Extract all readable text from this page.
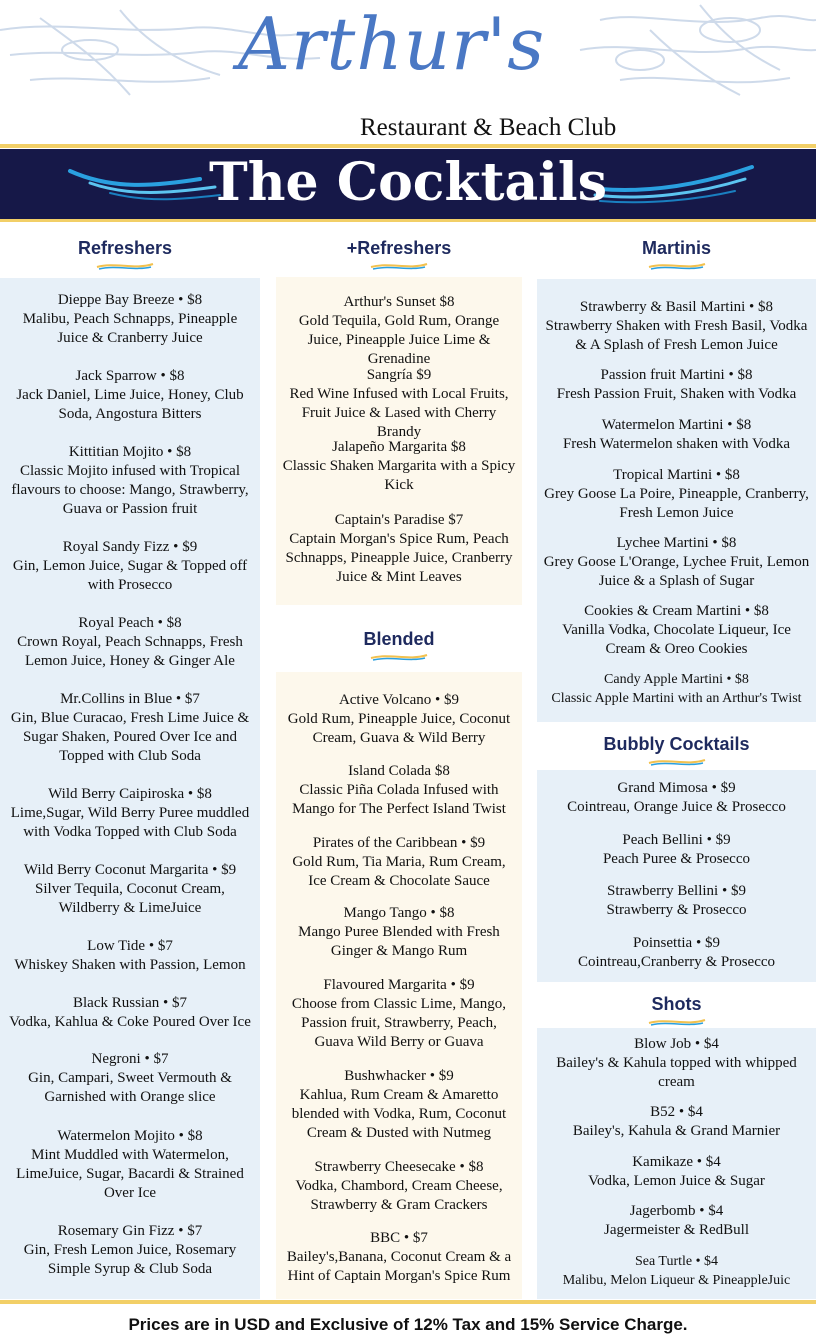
Arthur's
Restaurant & Beach Club
The Cocktails
Refreshers	+Refreshers	Martinis
Dieppe Bay Breeze • $8
Malibu, Peach Schnapps, Pineapple Juice & Cranberry Juice
Jack Sparrow • $8
Jack Daniel, Lime Juice, Honey, Club Soda, Angostura Bitters
Kittitian Mojito • $8
Classic Mojito infused with Tropical flavours to choose: Mango, Strawberry, Guava or Passion fruit
Royal Sandy Fizz • $9
Gin, Lemon Juice, Sugar & Topped off with Prosecco
Royal Peach • $8
Crown Royal, Peach Schnapps, Fresh Lemon Juice, Honey & Ginger Ale
Mr.Collins in Blue • $7
Gin, Blue Curacao, Fresh Lime Juice & Sugar Shaken, Poured Over Ice and Topped with Club Soda
Wild Berry Caipiroska • $8
Lime,Sugar, Wild Berry Puree muddled with Vodka Topped with Club Soda
Wild Berry Coconut Margarita • $9
Silver Tequila, Coconut Cream, Wildberry & LimeJuice
Low Tide • $7
Whiskey Shaken with Passion, Lemon
Black Russian • $7
Vodka, Kahlua & Coke Poured Over Ice
Negroni • $7
Gin, Campari, Sweet Vermouth & Garnished with Orange slice
Watermelon Mojito • $8
Mint Muddled with Watermelon, LimeJuice, Sugar, Bacardi & Strained Over Ice
Rosemary Gin Fizz • $7
Gin, Fresh Lemon Juice, Rosemary Simple Syrup & Club Soda
Arthur's Sunset $8
Gold Tequila, Gold Rum, Orange Juice, Pineapple Juice Lime & Grenadine
Sangría $9
Red Wine Infused with Local Fruits, Fruit Juice & Lased with Cherry Brandy
Jalapeño Margarita $8
Classic Shaken Margarita with a Spicy Kick
Captain's Paradise $7
Captain Morgan's Spice Rum, Peach Schnapps, Pineapple Juice, Cranberry Juice & Mint Leaves
Blended
Active Volcano • $9
Gold Rum, Pineapple Juice, Coconut Cream, Guava & Wild Berry
Island Colada $8
Classic Piña Colada Infused with Mango for The Perfect Island Twist
Pirates of the Caribbean • $9
Gold Rum, Tia Maria, Rum Cream, Ice Cream & Chocolate Sauce
Mango Tango • $8
Mango Puree Blended with Fresh Ginger & Mango Rum
Flavoured Margarita • $9
Choose from Classic Lime, Mango, Passion fruit, Strawberry, Peach, Guava Wild Berry or Guava
Bushwhacker • $9
Kahlua, Rum Cream & Amaretto blended with Vodka, Rum, Coconut Cream & Dusted with Nutmeg
Strawberry Cheesecake • $8
Vodka, Chambord, Cream Cheese, Strawberry & Gram Crackers
BBC • $7
Bailey's,Banana, Coconut Cream & a Hint of Captain Morgan's Spice Rum
Strawberry & Basil Martini • $8
Strawberry Shaken with Fresh Basil, Vodka & A Splash of Fresh Lemon Juice
Passion fruit Martini • $8
Fresh Passion Fruit, Shaken with Vodka
Watermelon Martini • $8
Fresh Watermelon shaken with Vodka
Tropical Martini • $8
Grey Goose La Poire, Pineapple, Cranberry, Fresh Lemon Juice
Lychee Martini • $8
Grey Goose L'Orange, Lychee Fruit, Lemon Juice & a Splash of Sugar
Cookies & Cream Martini • $8
Vanilla Vodka, Chocolate Liqueur, Ice Cream & Oreo Cookies
Candy Apple Martini • $8
Classic Apple Martini with an Arthur's Twist
Bubbly Cocktails
Grand Mimosa • $9
Cointreau, Orange Juice & Prosecco
Peach Bellini • $9
Peach Puree & Prosecco
Strawberry Bellini • $9
Strawberry & Prosecco
Poinsettia • $9
Cointreau,Cranberry & Prosecco
Shots
Blow Job • $4
Bailey's & Kahula topped with whipped cream
B52 • $4
Bailey's, Kahula & Grand Marnier
Kamikaze • $4
Vodka, Lemon Juice & Sugar
Jagerbomb • $4
Jagermeister & RedBull
Sea Turtle • $4
Malibu, Melon Liqueur & PineappleJuic
Prices are in USD and Exclusive of 12% Tax and 15% Service Charge.
